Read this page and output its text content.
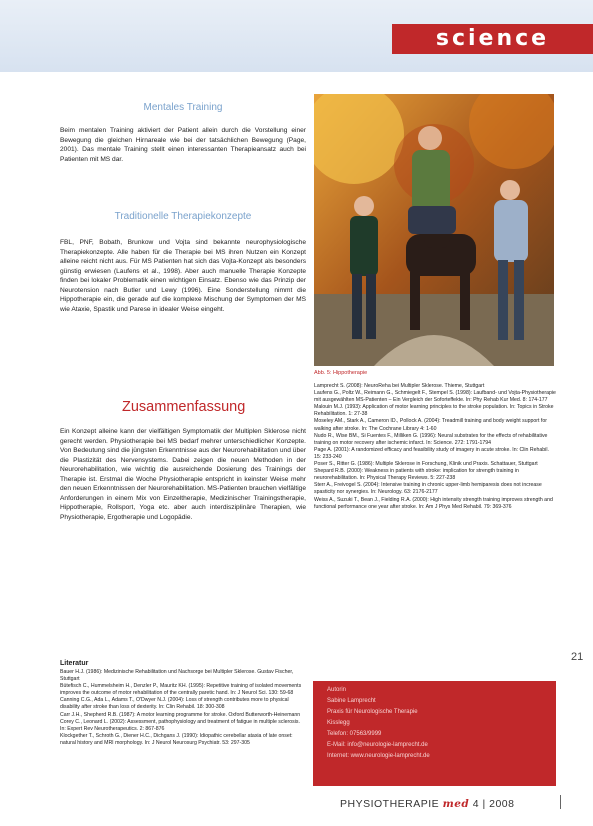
science
Mentales Training
Beim mentalen Training aktiviert der Patient allein durch die Vorstellung einer Bewegung die gleichen Hirnareale wie bei der tatsächlichen Bewegung (Page, 2001). Das mentale Training stellt einen interessanten Therapieansatz auch bei Patienten mit MS dar.
Traditionelle Therapiekonzepte
FBL, PNF, Bobath, Brunkow und Vojta sind bekannte neurophysiologische Therapiekonzepte. Alle haben für die Therapie bei MS ihren Nutzen ein Konzept alleine reicht nicht aus. Für MS Patienten hat sich das Vojta-Konzept als besonders günstig erwiesen (Laufens et al., 1998). Aber auch manuelle Therapie Konzepte finden bei lokaler Problematik einen wichtigen Einsatz. Ebenso wie das Prinzip der Neurotension nach Butler und Lewy (1996). Eine Sonderstellung nimmt die Hippotherapie ein, die gerade auf die komplexe Mischung der Symptomen der MS wie Ataxie, Spastik und Parese in idealer Weise eingeht.
Zusammenfassung
Ein Konzept alleine kann der vielfältigen Symptomatik der Multiplen Sklerose nicht gerecht werden. Physiotherapie bei MS bedarf mehrer unterschiedlicher Konzepte. Von Bedeutung sind die jüngsten Erkenntnisse aus der Neurorehabilitation und über die Plastizität des Nervensystems. Dabei zeigen die neuen Methoden in der Neurorehabilitation, wie wichtig die ausreichende Dosierung des Trainings der Therapie ist. Erstmal die Woche Physiotherapie entspricht in keinster Weise mehr den neuen Erkenntnissen der Neurorehabilitation. MS-Patienten brauchen vielfältige Anforderungen in einem Mix von Einzeltherapie, Medizinischer Trainingstherapie, Hippotherapie, Rollsport, Yoga etc. aber auch interdisziplinäre Therapien, wie Physiotherapie, Ergotherapie und Logopädie.
Literatur

Bauer H.J. (1986): Medizinische Rehabilitation und Nachsorge bei Multipler Sklerose. Gustav Fischer, Stuttgart

Bütefisch C., Hummelsheim H., Denzler P., Mauritz KH. (1995): Repetitive training of isolated movements improves the outcome of motor rehabilitation of the centrally paretic hand. In: J Neurol Sci. 130: 59-68

Canning C.G., Ada L., Adams T., O'Dwyer N.J. (2004): Loss of strength contributes more to physical disability after stroke than loss of dexterity. In: Clin Rehabil. 18: 300-308

Carr J.H., Shepherd R.B. (1987): A motor learning programme for stroke. Oxford Butterworth-Heinemann

Corey C., Leonard L. (2002): Assessment, pathophysiology and treatment of fatigue in multiple sclerosis. In: Expert Rev Neurotherapeutics. 2: 867-876

Klockgether T., Schroth G., Diener H.C., Dichgans J. (1990): Idiopathic cerebellar ataxia of late onset: natural history and MRI morphology. In: J Neurol Neurosurg Psychiatr. 53: 297-305

Abb. 5: Hippotherapie

Lamprecht S. (2008): NeuroReha bei Multipler Sklerose. Thieme, Stuttgart

Laufens G., Poltz W., Reimann G., Schmiegelt F., Stempel S. (1998): Laufband- und Vojta-Physiotherapie mit ausgewählten MS-Patienten – Ein Vergleich der Soforteffekte. In: Phy Rehab Kur Med. 8: 174-177

Malouin M.J. (1993): Application of motor learning principles to the stroke population. In: Topics in Stroke Rehabilitation. 1: 27-38

Moseley AM., Stark A., Cameron ID., Pollock A. (2004): Treadmill training and body weight support for walking after stroke. In: The Cochrane Library 4: 1-60

Nudo R., Wise BM., Si Fuentes F., Milliken G. (1996): Neural substrates for the effects of rehabilitative training on motor recovery after ischemic infarct. In: Science. 272: 1791-1794

Page A. (2001): A randomized efficacy and feasibility study of imagery in acute stroke. In: Clin Rehabil. 15: 233-240

Poser S., Ritter G. (1986): Multiple Sklerose in Forschung, Klinik und Praxis. Schattauer, Stuttgart

Shepard R.B. (2000): Weakness in patients with stroke: implication for strength training in neurorehabilitation. In: Physical Therapy Reviews. 5: 227-238

Sterr A., Freivogel S. (2004): Intensive training in chronic upper-limb hemiparesis does not increase spasticity nor synergies. In: Neurology. 63: 2176-2177

Weiss A., Suzuki T., Bean J., Fielding R.A. (2000): High intensity strength training improves strength and functional performance one year after stroke. In: Am J Phys Med Rehabil. 79: 369-376

Autorin
Sabine Lamprecht
Praxis für Neurologische Therapie
Kisslegg
Telefon: 07563/9999
E-Mail: info@neurologie-lamprecht.de
Internet: www.neurologie-lamprecht.de
21
PHYSIOTHERAPIE med 4 | 2008
